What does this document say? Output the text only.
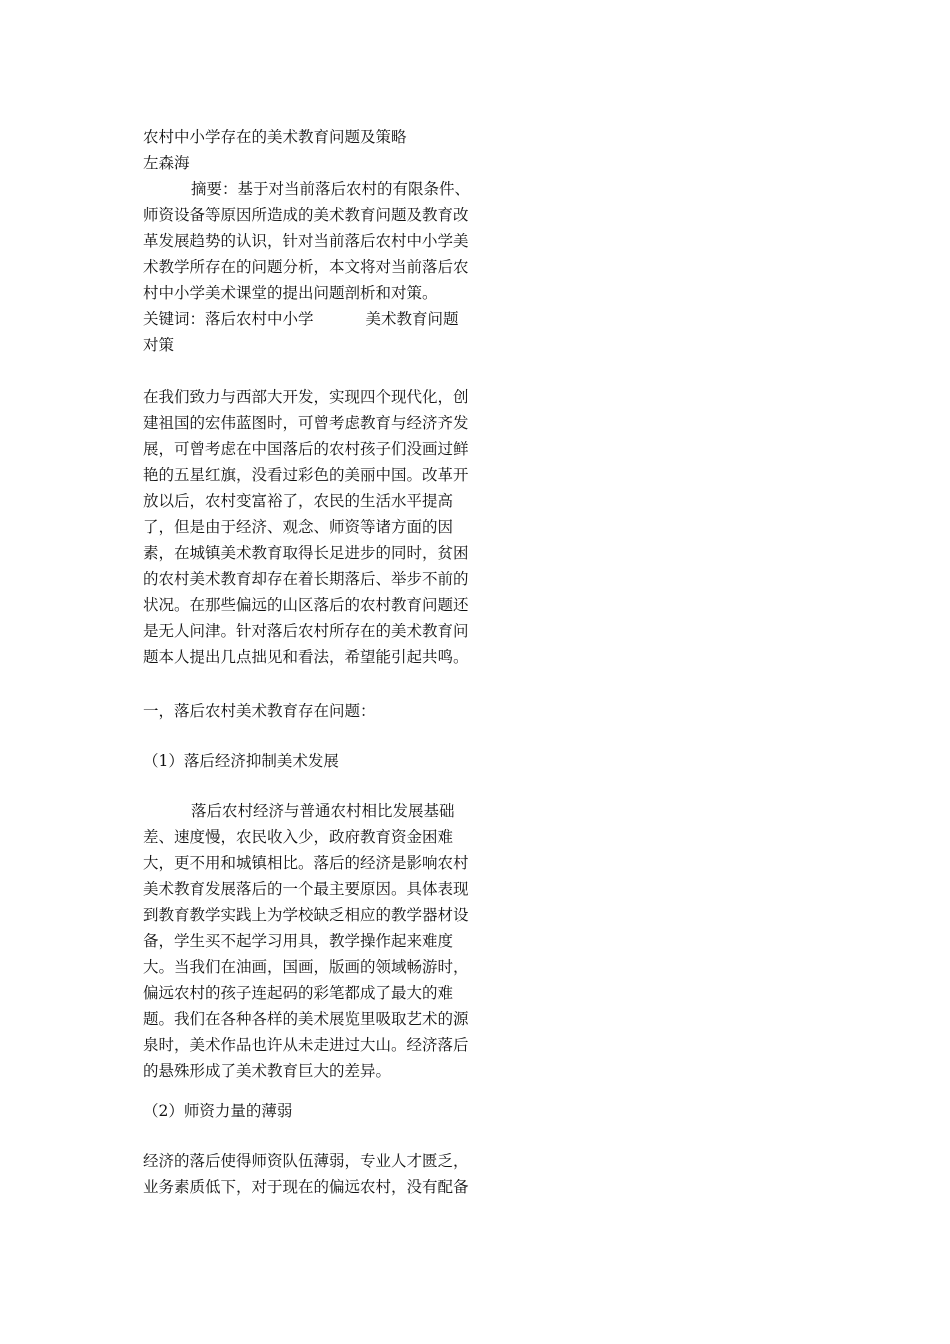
农村中小学存在的美术教育问题及策略
左森海
摘要：基于对当前落后农村的有限条件、
师资设备等原因所造成的美术教育问题及教育改
革发展趋势的认识，针对当前落后农村中小学美
术教学所存在的问题分析，本文将对当前落后农
村中小学美术课堂的提出问题剖析和对策。
关键词：落后农村中小学	美术教育问题
对策
在我们致力与西部大开发，实现四个现代化，创
建祖国的宏伟蓝图时，可曾考虑教育与经济齐发
展，可曾考虑在中国落后的农村孩子们没画过鲜
艳的五星红旗，没看过彩色的美丽中国。改革开
放以后，农村变富裕了，农民的生活水平提高
了，但是由于经济、观念、师资等诸方面的因
素，在城镇美术教育取得长足进步的同时，贫困
的农村美术教育却存在着长期落后、举步不前的
状况。在那些偏远的山区落后的农村教育问题还
是无人问津。针对落后农村所存在的美术教育问
题本人提出几点拙见和看法，希望能引起共鸣。
一，落后农村美术教育存在问题：
（1）落后经济抑制美术发展
落后农村经济与普通农村相比发展基础
差、速度慢，农民收入少，政府教育资金困难
大，更不用和城镇相比。落后的经济是影响农村
美术教育发展落后的一个最主要原因。具体表现
到教育教学实践上为学校缺乏相应的教学器材设
备，学生买不起学习用具，教学操作起来难度
大。当我们在油画，国画，版画的领域畅游时，
偏远农村的孩子连起码的彩笔都成了最大的难
题。我们在各种各样的美术展览里吸取艺术的源
泉时，美术作品也许从未走进过大山。经济落后
的悬殊形成了美术教育巨大的差异。
（2）师资力量的薄弱
经济的落后使得师资队伍薄弱，专业人才匮乏，
业务素质低下，对于现在的偏远农村，没有配备
